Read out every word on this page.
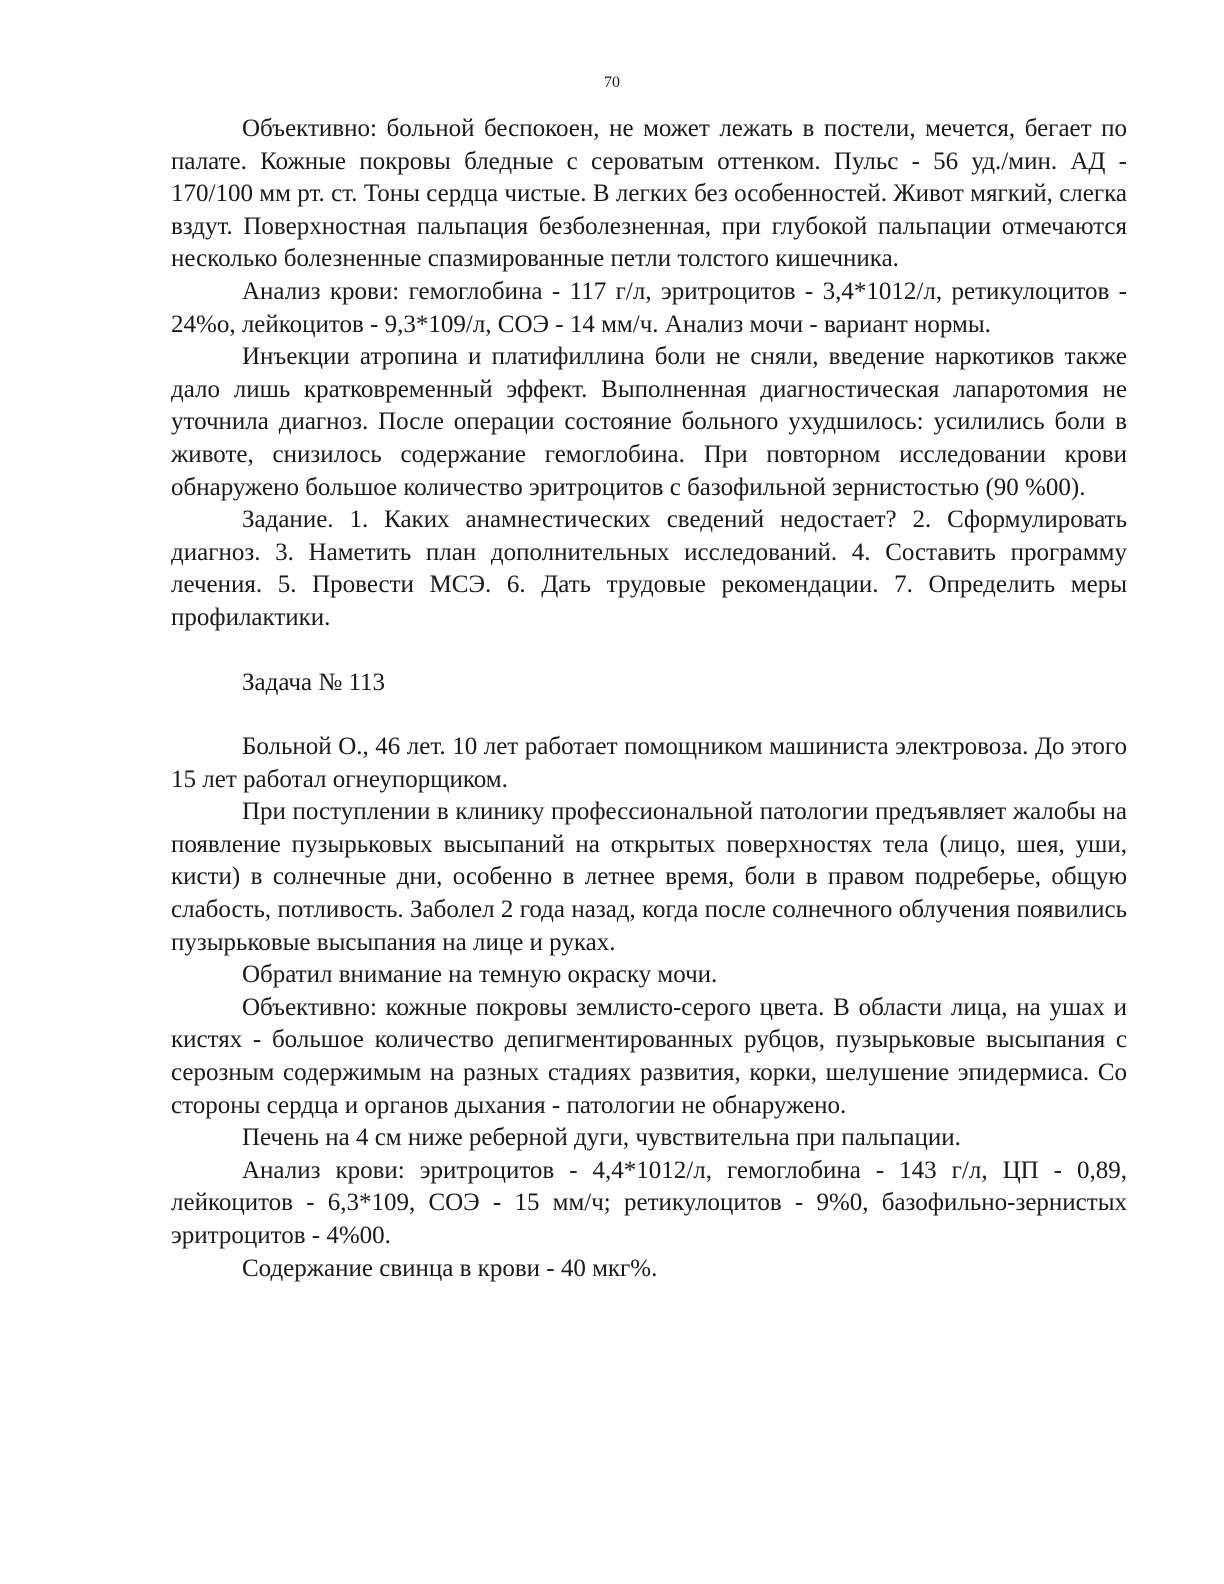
70

Объективно: больной беспокоен, не может лежать в постели, мечется, бегает по палате. Кожные покровы бледные с сероватым оттенком. Пульс - 56 уд./мин. АД - 170/100 мм рт. ст. Тоны сердца чистые. В легких без особенностей. Живот мягкий, слегка вздут. Поверхностная пальпация безболезненная, при глубокой пальпации отмечаются несколько болезненные спазмированные петли толстого кишечника.

Анализ крови: гемоглобина - 117 г/л, эритроцитов - 3,4*1012/л, ретикулоцитов - 24%о, лейкоцитов - 9,3*109/л, СОЭ - 14 мм/ч. Анализ мочи - вариант нормы.

Инъекции атропина и платифиллина боли не сняли, введение наркотиков также дало лишь кратковременный эффект. Выполненная диагностическая лапаротомия не уточнила диагноз. После операции состояние больного ухудшилось: усилились боли в животе, снизилось содержание гемоглобина. При повторном исследовании крови обнаружено большое количество эритроцитов с базофильной зернистостью (90 %00).

Задание. 1. Каких анамнестических сведений недостает? 2. Сформулировать диагноз. 3. Наметить план дополнительных исследований. 4. Составить программу лечения. 5. Провести МСЭ. 6. Дать трудовые рекомендации. 7. Определить меры профилактики.

Задача № 113

Больной О., 46 лет. 10 лет работает помощником машиниста электровоза. До этого 15 лет работал огнеупорщиком.

При поступлении в клинику профессиональной патологии предъявляет жалобы на появление пузырьковых высыпаний на открытых поверхностях тела (лицо, шея, уши, кисти) в солнечные дни, особенно в летнее время, боли в правом подреберье, общую слабость, потливость. Заболел 2 года назад, когда после солнечного облучения появились пузырьковые высыпания на лице и руках.

Обратил внимание на темную окраску мочи.

Объективно: кожные покровы землисто-серого цвета. В области лица, на ушах и кистях - большое количество депигментированных рубцов, пузырьковые высыпания с серозным содержимым на разных стадиях развития, корки, шелушение эпидермиса. Со стороны сердца и органов дыхания - патологии не обнаружено.

Печень на 4 см ниже реберной дуги, чувствительна при пальпации.

Анализ крови: эритроцитов - 4,4*1012/л, гемоглобина - 143 г/л, ЦП - 0,89, лейкоцитов - 6,3*109, СОЭ - 15 мм/ч; ретикулоцитов - 9%0, базофильно-зернистых эритроцитов - 4%00.

Содержание свинца в крови - 40 мкг%.
